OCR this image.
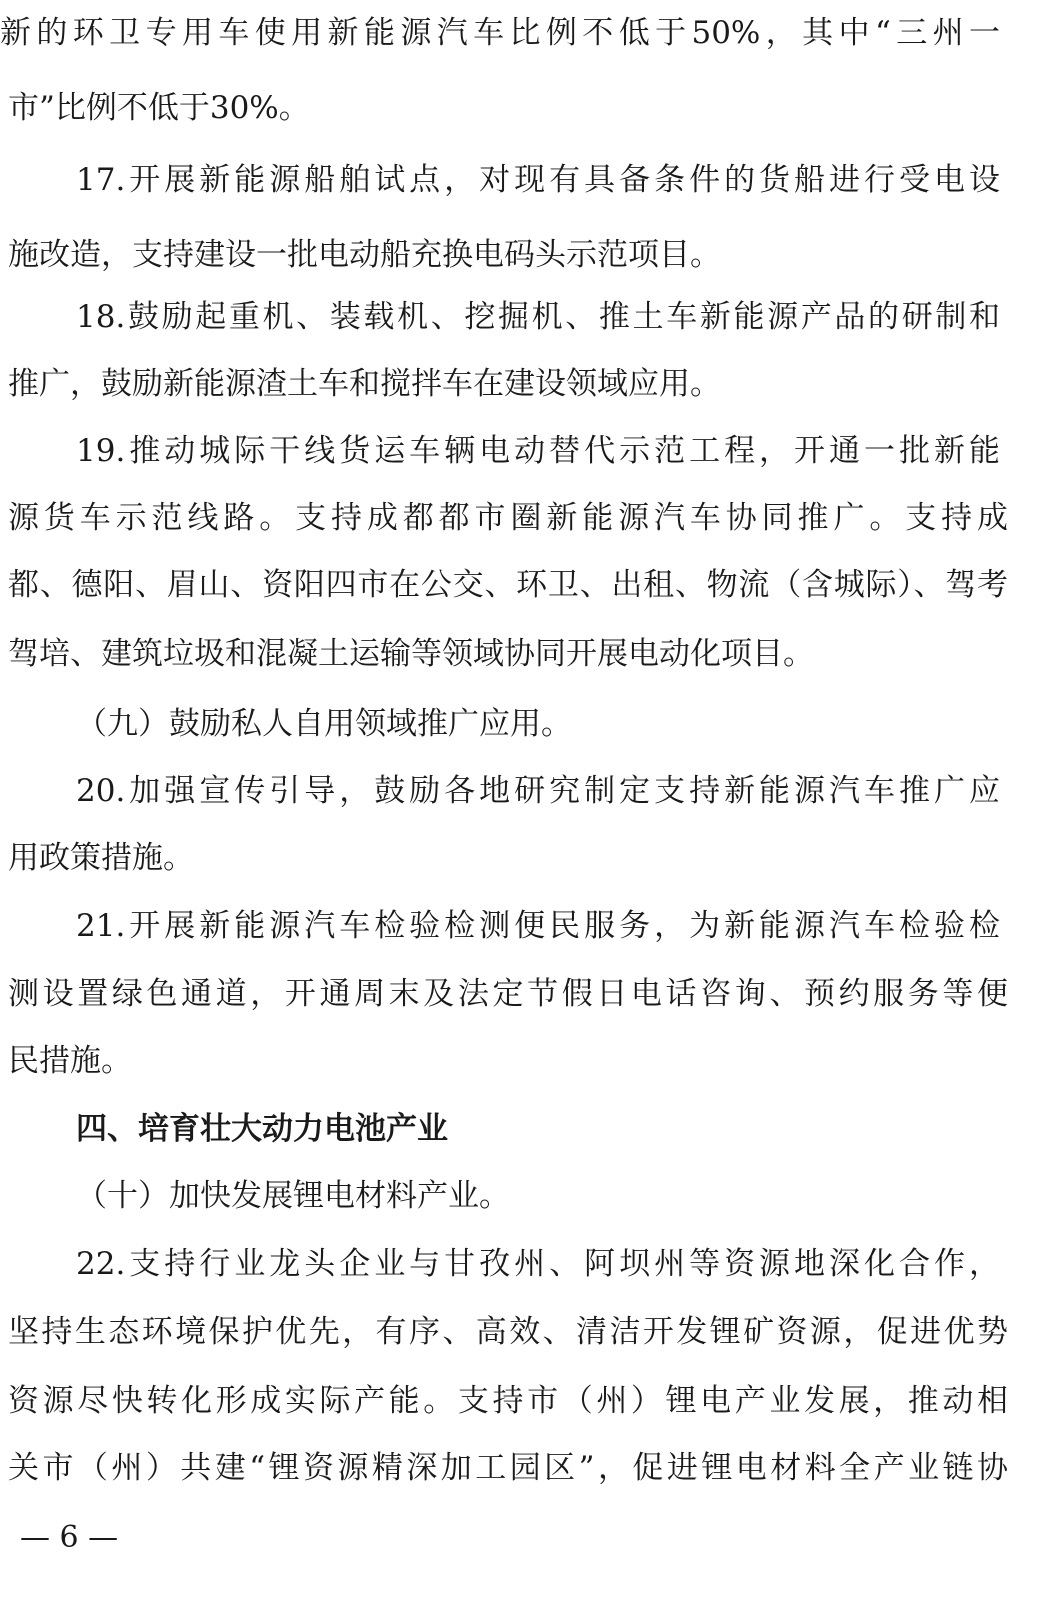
新的环卫专用车使用新能源汽车比例不低于50%，其中“三州一
市”比例不低于30%。
17.开展新能源船舶试点，对现有具备条件的货船进行受电设
施改造，支持建设一批电动船充换电码头示范项目。
18.鼓励起重机、装载机、挖掘机、推土车新能源产品的研制和
推广，鼓励新能源渣土车和搅拌车在建设领域应用。
19.推动城际干线货运车辆电动替代示范工程，开通一批新能
源货车示范线路。支持成都都市圈新能源汽车协同推广。支持成
都、德阳、眉山、资阳四市在公交、环卫、出租、物流（含城际）、驾考
驾培、建筑垃圾和混凝土运输等领域协同开展电动化项目。
（九）鼓励私人自用领域推广应用。
20.加强宣传引导，鼓励各地研究制定支持新能源汽车推广应
用政策措施。
21.开展新能源汽车检验检测便民服务，为新能源汽车检验检
测设置绿色通道，开通周末及法定节假日电话咨询、预约服务等便
民措施。
四、培育壮大动力电池产业
（十）加快发展锂电材料产业。
22.支持行业龙头企业与甘孜州、阿坝州等资源地深化合作，
坚持生态环境保护优先，有序、高效、清洁开发锂矿资源，促进优势
资源尽快转化形成实际产能。支持市（州）锂电产业发展，推动相
关市（州）共建“锂资源精深加工园区”，促进锂电材料全产业链协
— 6 —
